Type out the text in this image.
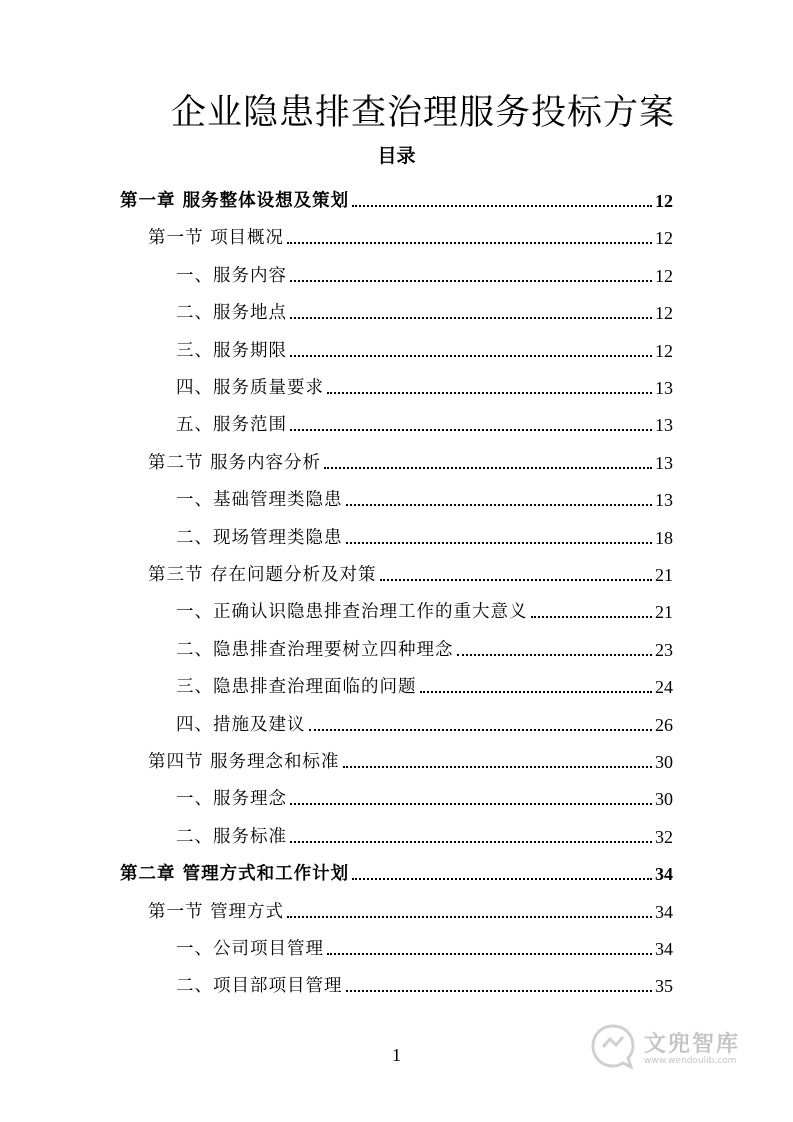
企业隐患排查治理服务投标方案
目录
第一章 服务整体设想及策划	12
第一节 项目概况	12
一、服务内容	12
二、服务地点	12
三、服务期限	12
四、服务质量要求	13
五、服务范围	13
第二节 服务内容分析	13
一、基础管理类隐患	13
二、现场管理类隐患	18
第三节 存在问题分析及对策	21
一、正确认识隐患排查治理工作的重大意义	21
二、隐患排查治理要树立四种理念	23
三、隐患排查治理面临的问题	24
四、措施及建议	26
第四节 服务理念和标准	30
一、服务理念	30
二、服务标准	32
第二章 管理方式和工作计划	34
第一节 管理方式	34
一、公司项目管理	34
二、项目部项目管理	35
1	文兜智库
www.wendoulib.com
